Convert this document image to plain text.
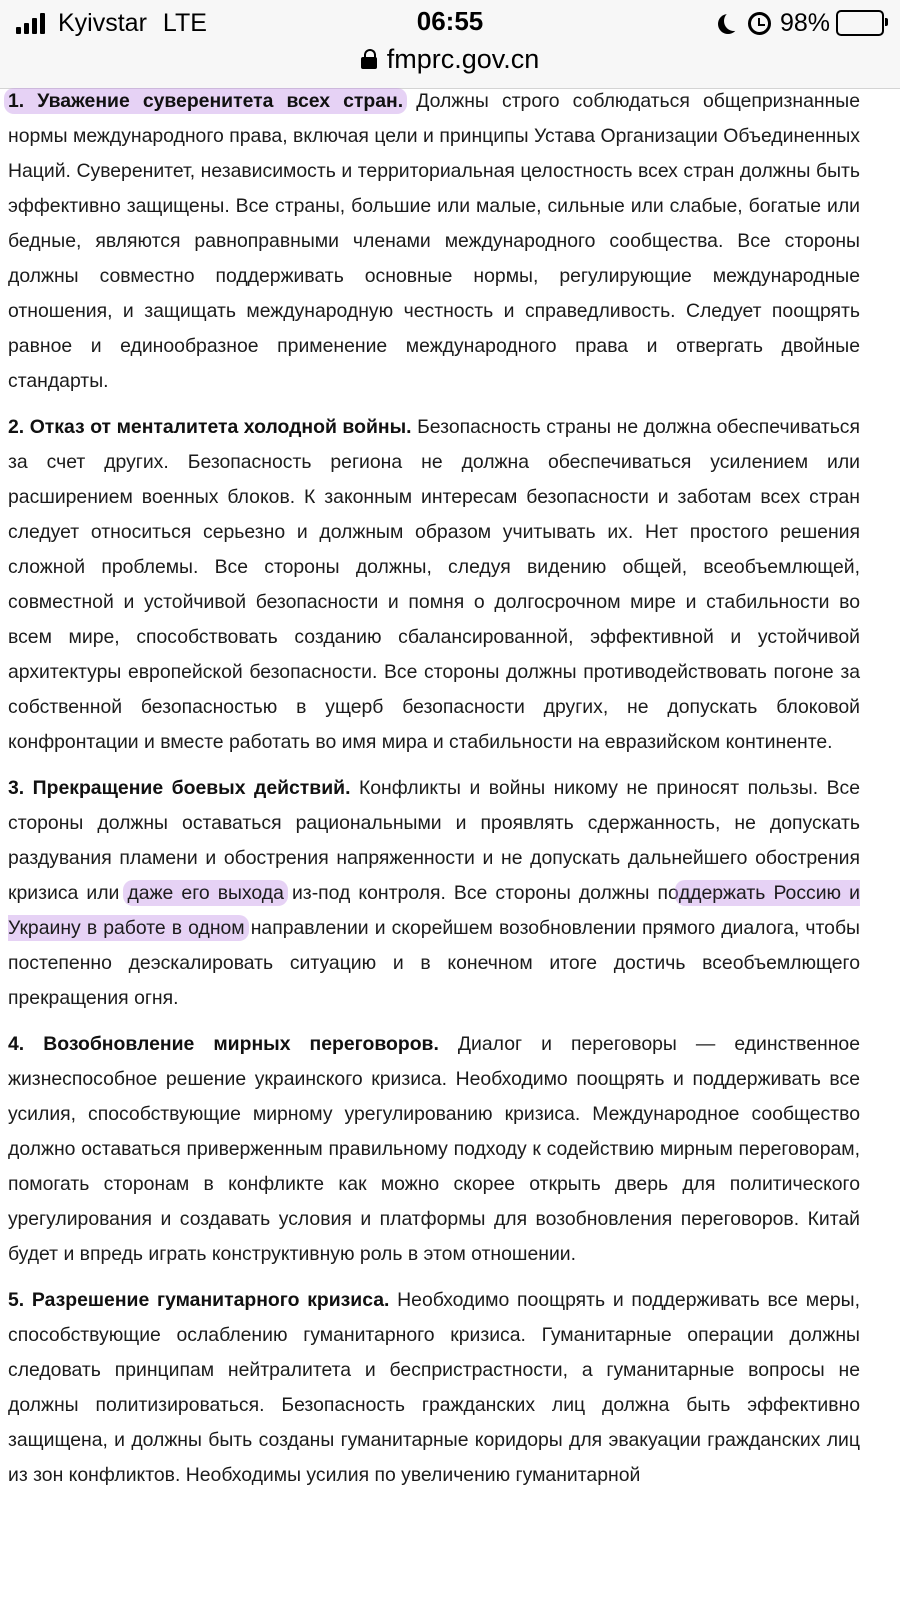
Kyivstar LTE	06:55	98%
fmprc.gov.cn

1. Уважение суверенитета всех стран. Должны строго соблюдаться общепризнанные нормы международного права, включая цели и принципы Устава Организации Объединенных Наций. Суверенитет, независимость и территориальная целостность всех стран должны быть эффективно защищены. Все страны, большие или малые, сильные или слабые, богатые или бедные, являются равноправными членами международного сообщества. Все стороны должны совместно поддерживать основные нормы, регулирующие международные отношения, и защищать международную честность и справедливость. Следует поощрять равное и единообразное применение международного права и отвергать двойные стандарты.

2. Отказ от менталитета холодной войны. Безопасность страны не должна обеспечиваться за счет других. Безопасность региона не должна обеспечиваться усилением или расширением военных блоков. К законным интересам безопасности и заботам всех стран следует относиться серьезно и должным образом учитывать их. Нет простого решения сложной проблемы. Все стороны должны, следуя видению общей, всеобъемлющей, совместной и устойчивой безопасности и помня о долгосрочном мире и стабильности во всем мире, способствовать созданию сбалансированной, эффективной и устойчивой архитектуры европейской безопасности. Все стороны должны противодействовать погоне за собственной безопасностью в ущерб безопасности других, не допускать блоковой конфронтации и вместе работать во имя мира и стабильности на евразийском континенте.

3. Прекращение боевых действий. Конфликты и войны никому не приносят пользы. Все стороны должны оставаться рациональными и проявлять сдержанность, не допускать раздувания пламени и обострения напряженности и не допускать дальнейшего обострения кризиса или даже его выхода из-под контроля. Все стороны должны поддержать Россию и Украину в работе в одном направлении и скорейшем возобновлении прямого диалога, чтобы постепенно деэскалировать ситуацию и в конечном итоге достичь всеобъемлющего прекращения огня.

4. Возобновление мирных переговоров. Диалог и переговоры — единственное жизнеспособное решение украинского кризиса. Необходимо поощрять и поддерживать все усилия, способствующие мирному урегулированию кризиса. Международное сообщество должно оставаться приверженным правильному подходу к содействию мирным переговорам, помогать сторонам в конфликте как можно скорее открыть дверь для политического урегулирования и создавать условия и платформы для возобновления переговоров. Китай будет и впредь играть конструктивную роль в этом отношении.

5. Разрешение гуманитарного кризиса. Необходимо поощрять и поддерживать все меры, способствующие ослаблению гуманитарного кризиса. Гуманитарные операции должны следовать принципам нейтралитета и беспристрастности, а гуманитарные вопросы не должны политизироваться. Безопасность гражданских лиц должна быть эффективно защищена, и должны быть созданы гуманитарные коридоры для эвакуации гражданских лиц из зон конфликтов. Необходимы усилия по увеличению гуманитарной
